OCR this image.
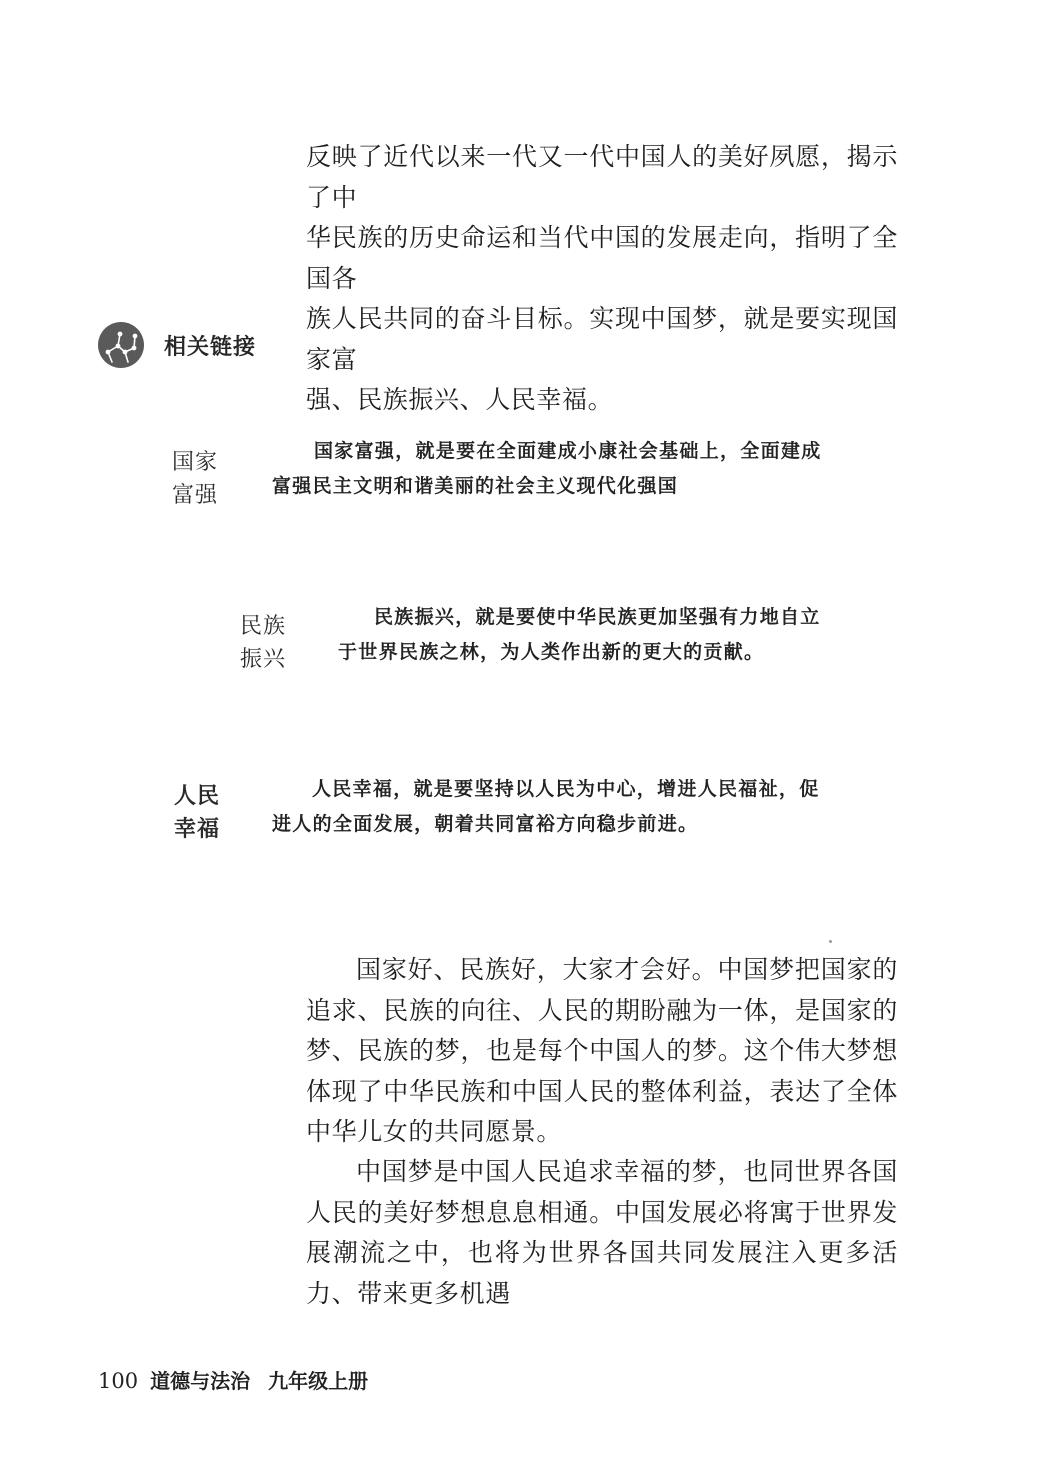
反映了近代以来一代又一代中国人的美好夙愿，揭示了中
华民族的历史命运和当代中国的发展走向，指明了全国各
族人民共同的奋斗目标。实现中国梦，就是要实现国家富
强、民族振兴、人民幸福。
相关链接
国家
富强
国家富强，就是要在全面建成小康社会基础上，全面建成
富强民主文明和谐美丽的社会主义现代化强国
民族
振兴
民族振兴，就是要使中华民族更加坚强有力地自立
于世界民族之林，为人类作出新的更大的贡献。
人民
幸福
人民幸福，就是要坚持以人民为中心，增进人民福祉，促
进人的全面发展，朝着共同富裕方向稳步前进。

国家好、民族好，大家才会好。中国梦把国家的追求、民族的向往、人民的期盼融为一体，是国家的梦、民族的梦，也是每个中国人的梦。这个伟大梦想体现了中华民族和中国人民的整体利益，表达了全体中华儿女的共同愿景。

中国梦是中国人民追求幸福的梦，也同世界各国人民的美好梦想息息相通。中国发展必将寓于世界发展潮流之中，也将为世界各国共同发展注入更多活力、带来更多机遇

100 道德与法治 九年级上册
